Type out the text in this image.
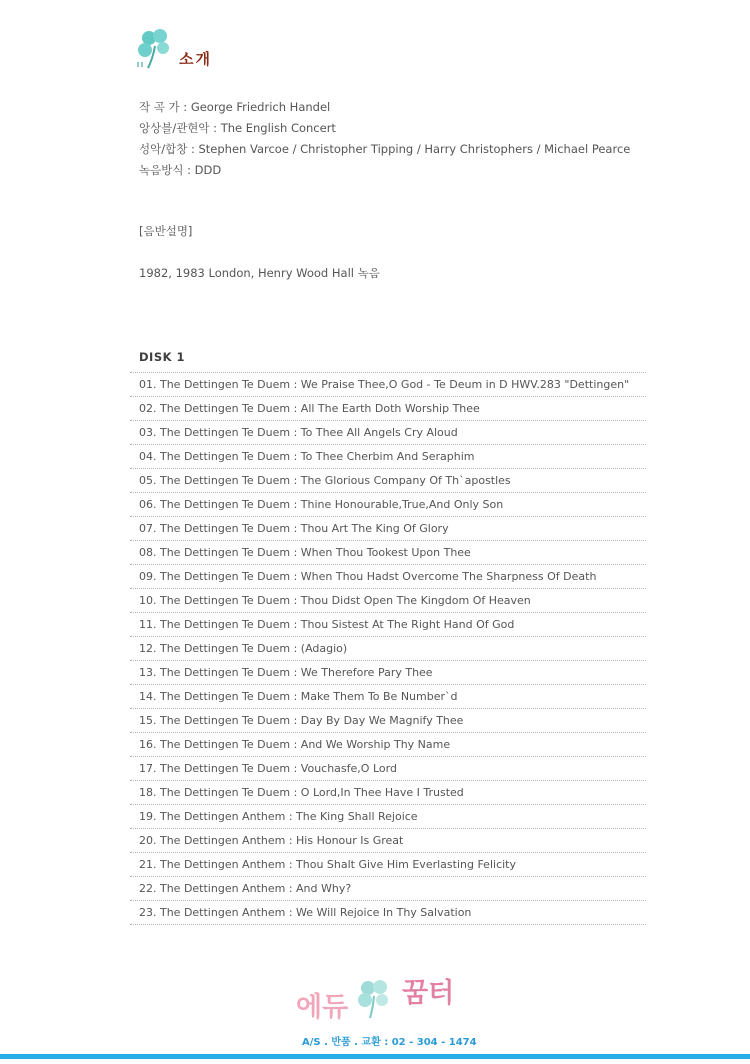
소개
작 곡 가 : George Friedrich Handel
앙상블/관현악 : The English Concert
성악/합창 : Stephen Varcoe / Christopher Tipping / Harry Christophers / Michael Pearce
녹음방식 : DDD
[음반설명]
1982, 1983 London, Henry Wood Hall 녹음
DISK 1
01. The Dettingen Te Duem : We Praise Thee,O God - Te Deum in D HWV.283 "Dettingen"
02. The Dettingen Te Duem : All The Earth Doth Worship Thee
03. The Dettingen Te Duem : To Thee All Angels Cry Aloud
04. The Dettingen Te Duem : To Thee Cherbim And Seraphim
05. The Dettingen Te Duem : The Glorious Company Of Th`apostles
06. The Dettingen Te Duem : Thine Honourable,True,And Only Son
07. The Dettingen Te Duem : Thou Art The King Of Glory
08. The Dettingen Te Duem : When Thou Tookest Upon Thee
09. The Dettingen Te Duem : When Thou Hadst Overcome The Sharpness Of Death
10. The Dettingen Te Duem : Thou Didst Open The Kingdom Of Heaven
11. The Dettingen Te Duem : Thou Sistest At The Right Hand Of God
12. The Dettingen Te Duem : (Adagio)
13. The Dettingen Te Duem : We Therefore Pary Thee
14. The Dettingen Te Duem : Make Them To Be Number`d
15. The Dettingen Te Duem : Day By Day We Magnify Thee
16. The Dettingen Te Duem : And We Worship Thy Name
17. The Dettingen Te Duem : Vouchasfe,O Lord
18. The Dettingen Te Duem : O Lord,In Thee Have I Trusted
19. The Dettingen Anthem : The King Shall Rejoice
20. The Dettingen Anthem : His Honour Is Great
21. The Dettingen Anthem : Thou Shalt Give Him Everlasting Felicity
22. The Dettingen Anthem : And Why?
23. The Dettingen Anthem : We Will Rejoice In Thy Salvation
에듀 꿈터
A/S . 반품 . 교환 : 02 - 304 - 1474
